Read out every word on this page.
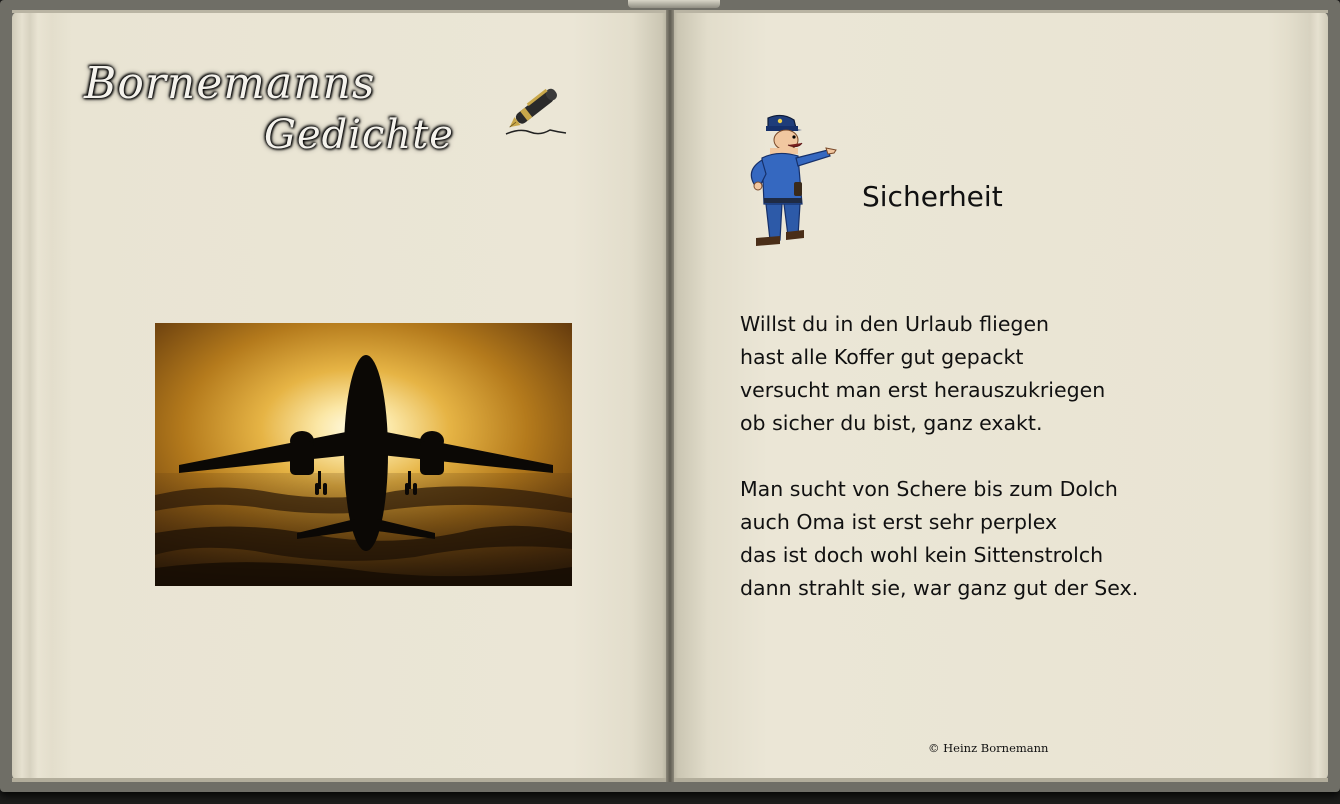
Bornemanns
Gedichte
Sicherheit
Willst du in den Urlaub fliegen
hast alle Koffer gut gepackt
versucht man erst herauszukriegen
ob sicher du bist, ganz exakt.
Man sucht von Schere bis zum Dolch
auch Oma ist erst sehr perplex
das ist doch wohl kein Sittenstrolch
dann strahlt sie, war ganz gut der Sex.
© Heinz Bornemann
